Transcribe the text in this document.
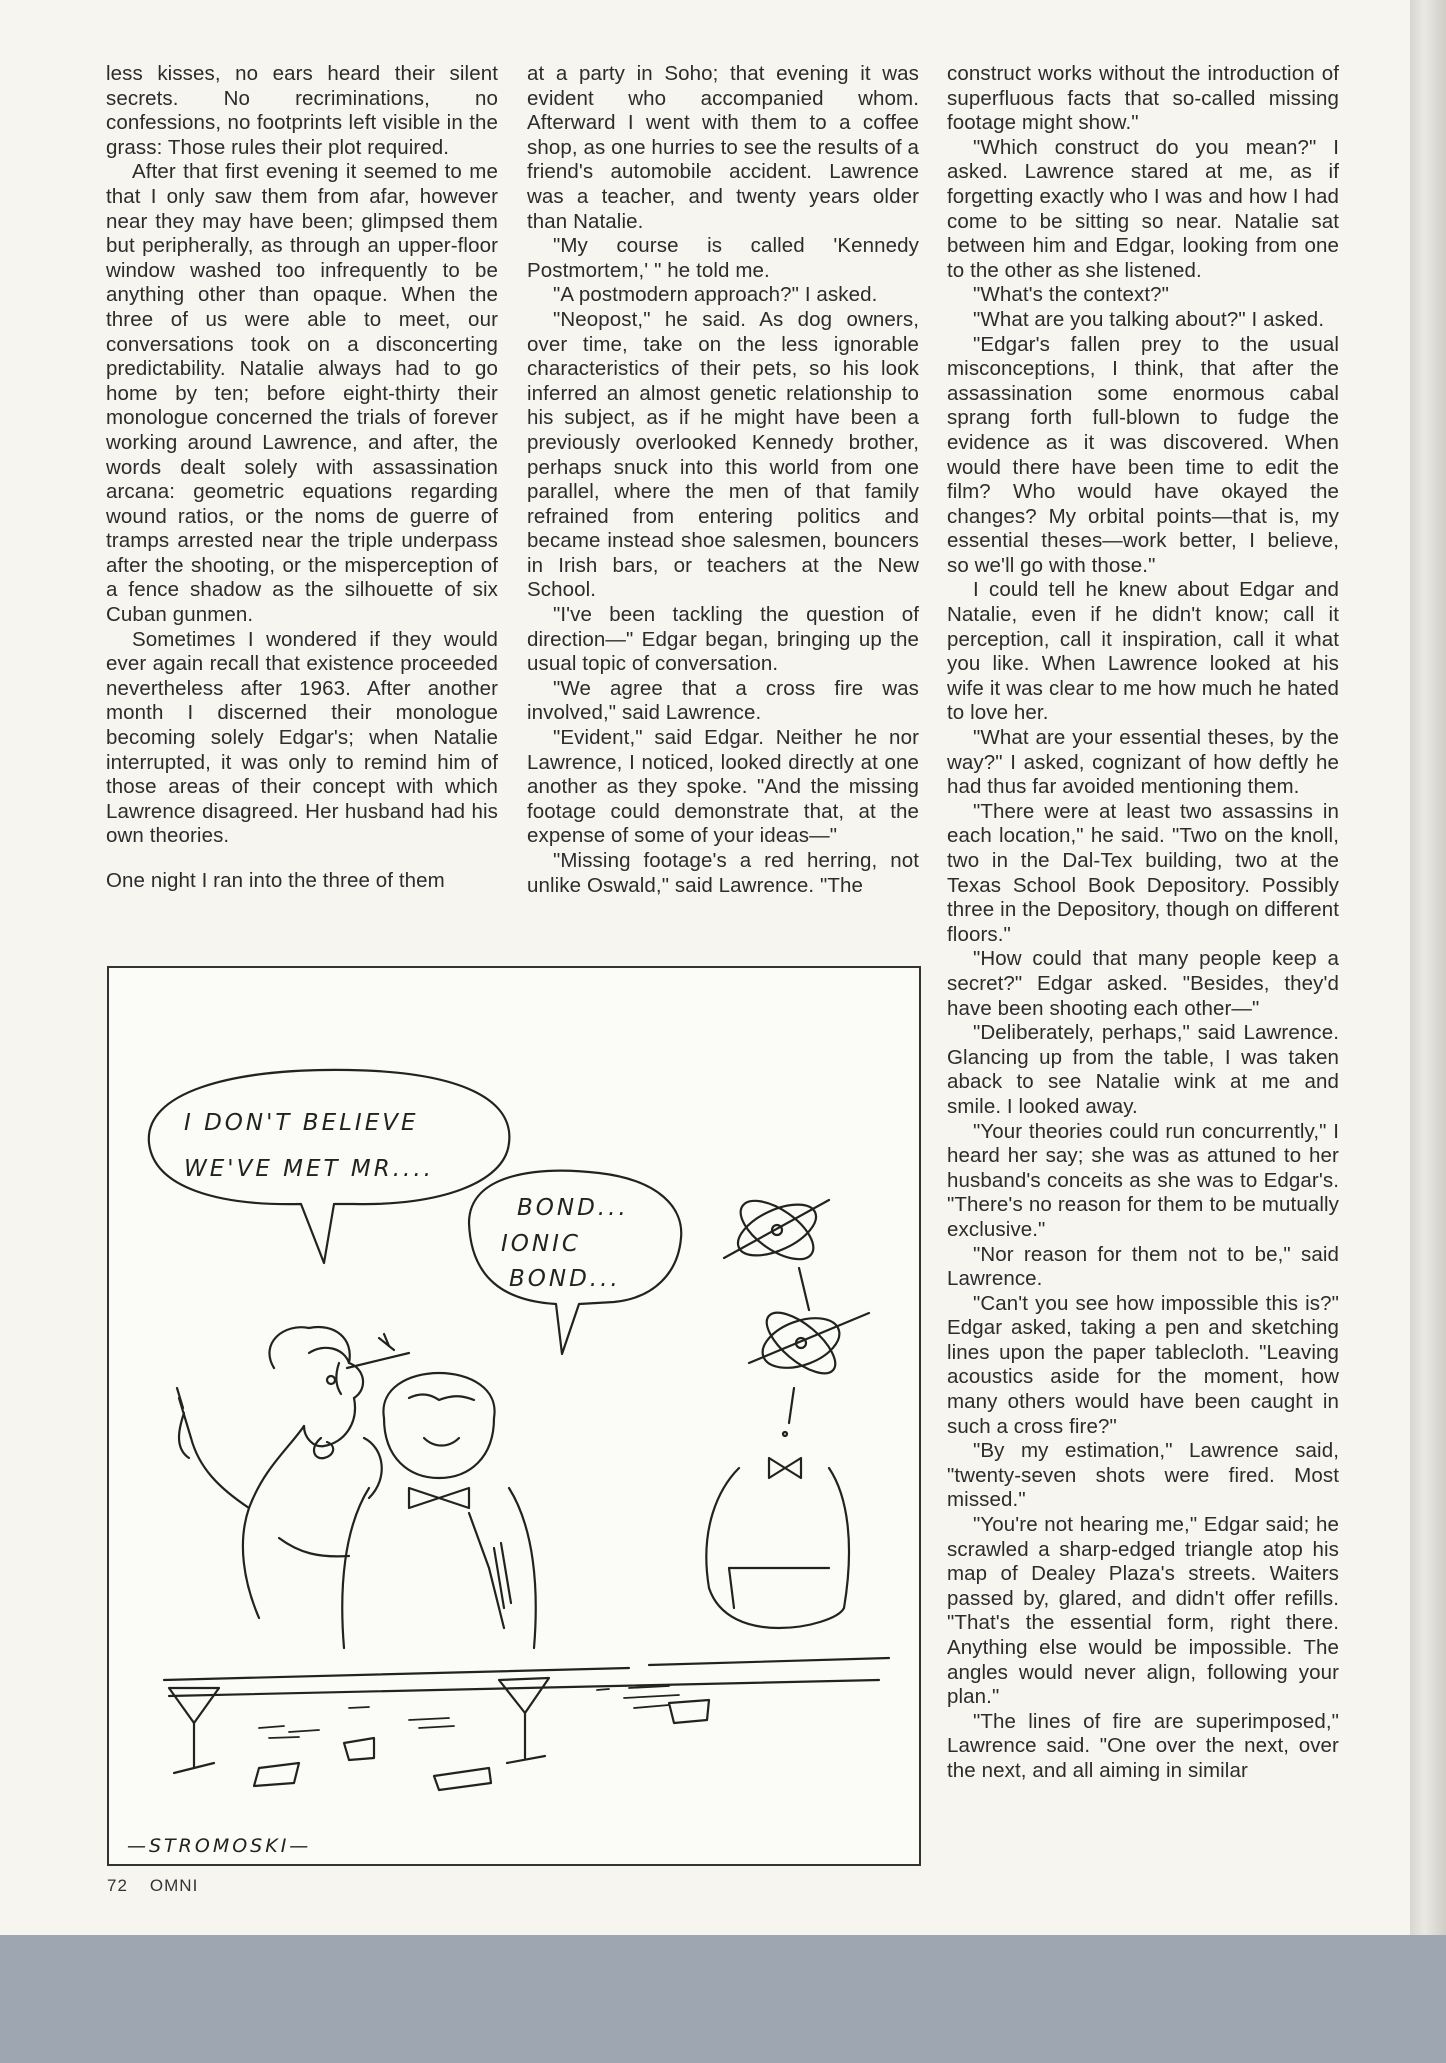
less kisses, no ears heard their silent secrets. No recriminations, no confessions, no footprints left visible in the grass: Those rules their plot required.

After that first evening it seemed to me that I only saw them from afar, however near they may have been; glimpsed them but peripherally, as through an upper-floor window washed too infrequently to be anything other than opaque. When the three of us were able to meet, our conversations took on a disconcerting predictability. Natalie always had to go home by ten; before eight-thirty their monologue concerned the trials of forever working around Lawrence, and after, the words dealt solely with assassination arcana: geometric equations regarding wound ratios, or the noms de guerre of tramps arrested near the triple underpass after the shooting, or the misperception of a fence shadow as the silhouette of six Cuban gunmen.

Sometimes I wondered if they would ever again recall that existence proceeded nevertheless after 1963. After another month I discerned their monologue becoming solely Edgar's; when Natalie interrupted, it was only to remind him of those areas of their concept with which Lawrence disagreed. Her husband had his own theories.

One night I ran into the three of them

at a party in Soho; that evening it was evident who accompanied whom. Afterward I went with them to a coffee shop, as one hurries to see the results of a friend's automobile accident. Lawrence was a teacher, and twenty years older than Natalie.

"My course is called 'Kennedy Postmortem,' " he told me.

"A postmodern approach?" I asked.

"Neopost," he said. As dog owners, over time, take on the less ignorable characteristics of their pets, so his look inferred an almost genetic relationship to his subject, as if he might have been a previously overlooked Kennedy brother, perhaps snuck into this world from one parallel, where the men of that family refrained from entering politics and became instead shoe salesmen, bouncers in Irish bars, or teachers at the New School.

"I've been tackling the question of direction—" Edgar began, bringing up the usual topic of conversation.

"We agree that a cross fire was involved," said Lawrence.

"Evident," said Edgar. Neither he nor Lawrence, I noticed, looked directly at one another as they spoke. "And the missing footage could demonstrate that, at the expense of some of your ideas—"

"Missing footage's a red herring, not unlike Oswald," said Lawrence. "The

construct works without the introduction of superfluous facts that so-called missing footage might show."

"Which construct do you mean?" I asked. Lawrence stared at me, as if forgetting exactly who I was and how I had come to be sitting so near. Natalie sat between him and Edgar, looking from one to the other as she listened.

"What's the context?"

"What are you talking about?" I asked.

"Edgar's fallen prey to the usual misconceptions, I think, that after the assassination some enormous cabal sprang forth full-blown to fudge the evidence as it was discovered. When would there have been time to edit the film? Who would have okayed the changes? My orbital points—that is, my essential theses—work better, I believe, so we'll go with those."

I could tell he knew about Edgar and Natalie, even if he didn't know; call it perception, call it inspiration, call it what you like. When Lawrence looked at his wife it was clear to me how much he hated to love her.

"What are your essential theses, by the way?" I asked, cognizant of how deftly he had thus far avoided mentioning them.

"There were at least two assassins in each location," he said. "Two on the knoll, two in the Dal-Tex building, two at the Texas School Book Depository. Possibly three in the Depository, though on different floors."

"How could that many people keep a secret?" Edgar asked. "Besides, they'd have been shooting each other—"

"Deliberately, perhaps," said Lawrence. Glancing up from the table, I was taken aback to see Natalie wink at me and smile. I looked away.

"Your theories could run concurrently," I heard her say; she was as attuned to her husband's conceits as she was to Edgar's. "There's no reason for them to be mutually exclusive."

"Nor reason for them not to be," said Lawrence.

"Can't you see how impossible this is?" Edgar asked, taking a pen and sketching lines upon the paper tablecloth. "Leaving acoustics aside for the moment, how many others would have been caught in such a cross fire?"

"By my estimation," Lawrence said, "twenty-seven shots were fired. Most missed."

"You're not hearing me," Edgar said; he scrawled a sharp-edged triangle atop his map of Dealey Plaza's streets. Waiters passed by, glared, and didn't offer refills. "That's the essential form, right there. Anything else would be impossible. The angles would never align, following your plan."

"The lines of fire are superimposed," Lawrence said. "One over the next, over the next, and all aiming in similar

I DON'T BELIEVE
WE'VE MET MR....
BOND...
IONIC
BOND...
—STROMOSKI—
72 OMNI
